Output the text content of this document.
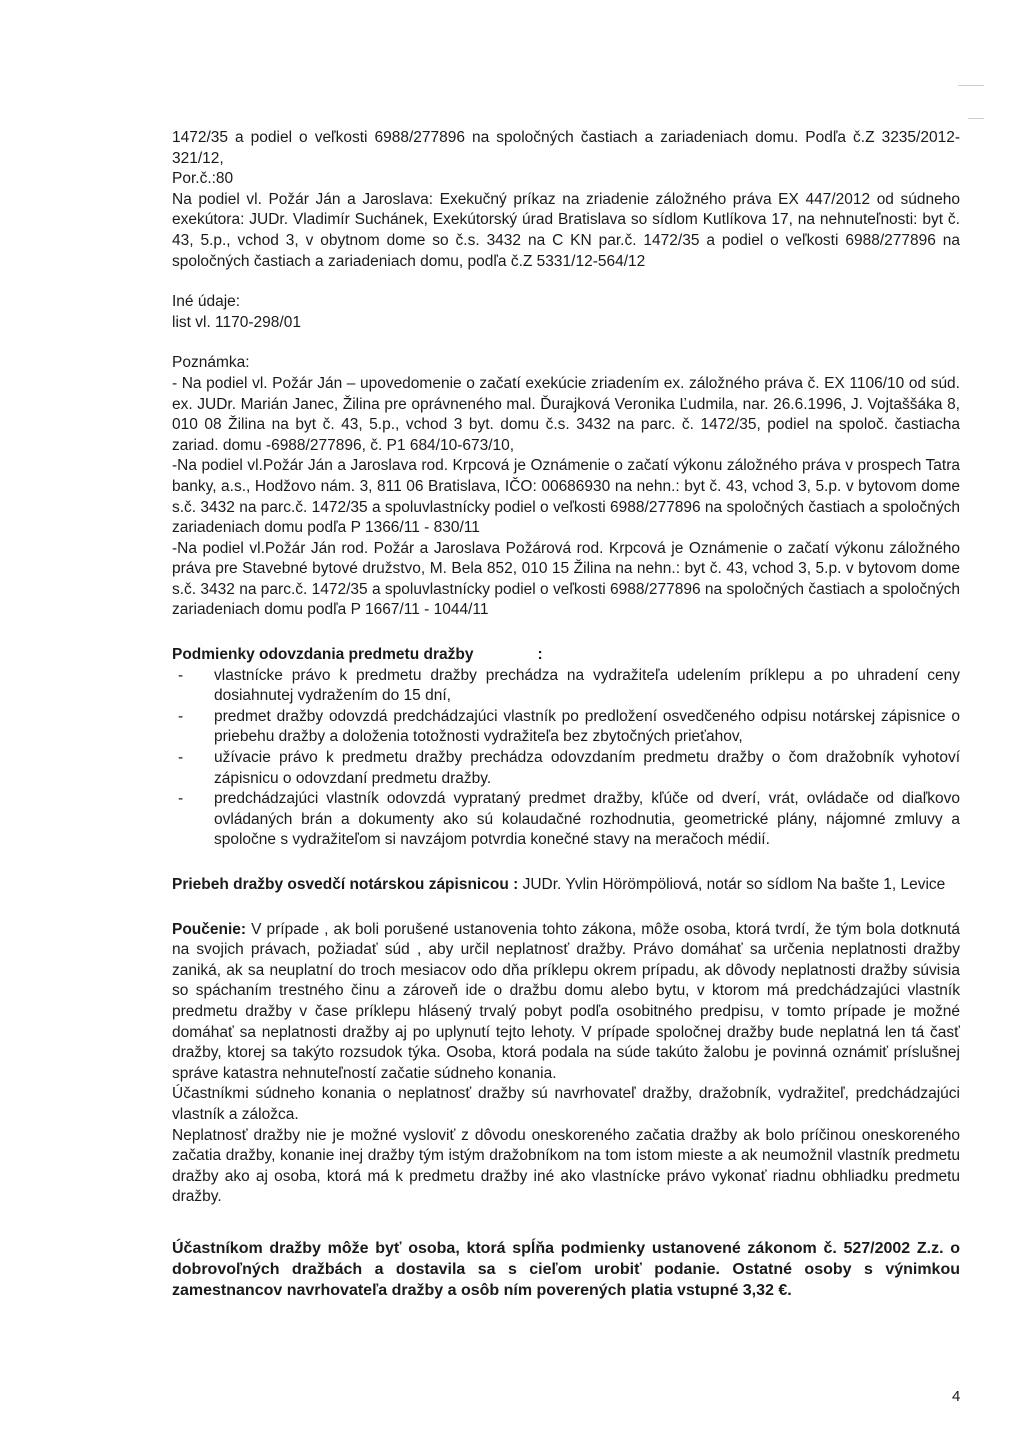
1472/35 a podiel o veľkosti 6988/277896 na spoločných častiach a zariadeniach domu. Podľa č.Z 3235/2012-321/12,

Por.č.:80

Na podiel vl. Požár Ján a Jaroslava: Exekučný príkaz na zriadenie záložného práva EX 447/2012 od súdneho exekútora: JUDr. Vladimír Suchánek, Exekútorský úrad Bratislava so sídlom Kutlíkova 17, na nehnuteľnosti: byt č. 43, 5.p., vchod 3, v obytnom dome so č.s. 3432 na C KN par.č. 1472/35 a podiel o veľkosti 6988/277896 na spoločných častiach a zariadeniach domu, podľa č.Z 5331/12-564/12

Iné údaje:

list vl. 1170-298/01

Poznámka:

- Na podiel vl. Požár Ján – upovedomenie o začatí exekúcie zriadením ex. záložného práva č. EX 1106/10 od súd. ex. JUDr. Marián Janec, Žilina pre oprávneného mal. Ďurajková Veronika Ľudmila, nar. 26.6.1996, J. Vojtaššáka 8, 010 08 Žilina na byt č. 43, 5.p., vchod 3 byt. domu č.s. 3432 na parc. č. 1472/35, podiel na spoloč. častiacha zariad. domu -6988/277896, č. P1 684/10-673/10,

-Na podiel vl.Požár Ján a Jaroslava rod. Krpcová je Oznámenie o začatí výkonu záložného práva v prospech Tatra banky, a.s., Hodžovo nám. 3, 811 06 Bratislava, IČO: 00686930 na nehn.: byt č. 43, vchod 3, 5.p. v bytovom dome s.č. 3432 na parc.č. 1472/35 a spoluvlastnícky podiel o veľkosti 6988/277896 na spoločných častiach a spoločných zariadeniach domu podľa P 1366/11 - 830/11

-Na podiel vl.Požár Ján rod. Požár a Jaroslava Požárová rod. Krpcová je Oznámenie o začatí výkonu záložného práva pre Stavebné bytové družstvo, M. Bela 852, 010 15 Žilina na nehn.: byt č. 43, vchod 3, 5.p. v bytovom dome s.č. 3432 na parc.č. 1472/35 a spoluvlastnícky podiel o veľkosti 6988/277896 na spoločných častiach a spoločných zariadeniach domu podľa P 1667/11 - 1044/11

Podmienky odovzdania predmetu dražby	:

- vlastnícke právo k predmetu dražby prechádza na vydražiteľa udelením príklepu a po uhradení ceny dosiahnutej vydražením do 15 dní,
- predmet dražby odovzdá predchádzajúci vlastník po predložení osvedčeného odpisu notárskej zápisnice o priebehu dražby a doloženia totožnosti vydražiteľa bez zbytočných prieťahov,
- užívacie právo k predmetu dražby prechádza odovzdaním predmetu dražby o čom dražobník vyhotoví zápisnicu o odovzdaní predmetu dražby.
- predchádzajúci vlastník odovzdá vyprataný predmet dražby, kľúče od dverí, vrát, ovládače od diaľkovo ovládaných brán a dokumenty ako sú kolaudačné rozhodnutia, geometrické plány, nájomné zmluvy a spoločne s vydražiteľom si navzájom potvrdia konečné stavy na meračoch médií.

Priebeh dražby osvedčí notárskou zápisnicou : JUDr. Yvlin Hörömpöliová, notár so sídlom Na bašte 1, Levice

Poučenie: V prípade , ak boli porušené ustanovenia tohto zákona, môže osoba, ktorá tvrdí, že tým bola dotknutá na svojich právach, požiadať súd , aby určil neplatnosť dražby. Právo domáhať sa určenia neplatnosti dražby zaniká, ak sa neuplatní do troch mesiacov odo dňa príklepu okrem prípadu, ak dôvody neplatnosti dražby súvisia so spáchaním trestného činu a zároveň ide o dražbu domu alebo bytu, v ktorom má predchádzajúci vlastník predmetu dražby v čase príklepu hlásený trvalý pobyt podľa osobitného predpisu, v tomto prípade je možné domáhať sa neplatnosti dražby aj po uplynutí tejto lehoty. V prípade spoločnej dražby bude neplatná len tá časť dražby, ktorej sa takýto rozsudok týka. Osoba, ktorá podala na súde takúto žalobu je povinná oznámiť príslušnej správe katastra nehnuteľností začatie súdneho konania.

Účastníkmi súdneho konania o neplatnosť dražby sú navrhovateľ dražby, dražobník, vydražiteľ, predchádzajúci vlastník a záložca.

Neplatnosť dražby nie je možné vysloviť z dôvodu oneskoreného začatia dražby ak bolo príčinou oneskoreného začatia dražby, konanie inej dražby tým istým dražobníkom na tom istom mieste a ak neumožnil vlastník predmetu dražby ako aj osoba, ktorá má k predmetu dražby iné ako vlastnícke právo vykonať riadnu obhliadku predmetu dražby.

Účastníkom dražby môže byť osoba, ktorá spĺňa podmienky ustanovené zákonom č. 527/2002 Z.z. o dobrovoľných dražbách a dostavila sa s cieľom urobiť podanie. Ostatné osoby s výnimkou zamestnancov navrhovateľa dražby a osôb ním poverených platia vstupné 3,32 €.

4
